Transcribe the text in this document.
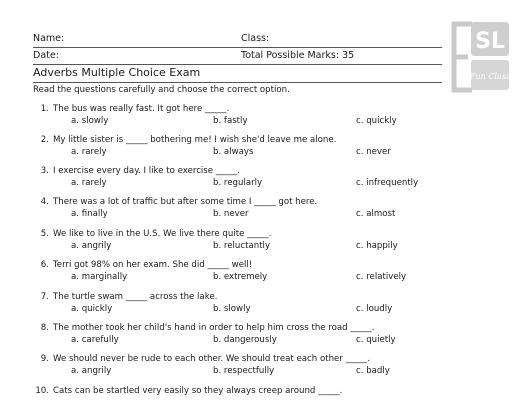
Name:	Class:
Date:	Total Possible Marks: 35
Adverbs Multiple Choice Exam
Read the questions carefully and choose the correct option.
SL
Fun Class
1. The bus was really fast. It got here _____.
a. slowly	b. fastly	c. quickly
2. My little sister is _____ bothering me! I wish she'd leave me alone.
a. rarely	b. always	c. never
3. I exercise every day. I like to exercise _____.
a. rarely	b. regularly	c. infrequently
4. There was a lot of traffic but after some time I _____ got here.
a. finally	b. never	c. almost
5. We like to live in the U.S. We live there quite _____.
a. angrily	b. reluctantly	c. happily
6. Terri got 98% on her exam. She did _____ well!
a. marginally	b. extremely	c. relatively
7. The turtle swam _____ across the lake.
a. quickly	b. slowly	c. loudly
8. The mother took her child's hand in order to help him cross the road _____.
a. carefully	b. dangerously	c. quietly
9. We should never be rude to each other. We should treat each other _____.
a. angrily	b. respectfully	c. badly
10. Cats can be startled very easily so they always creep around _____.
